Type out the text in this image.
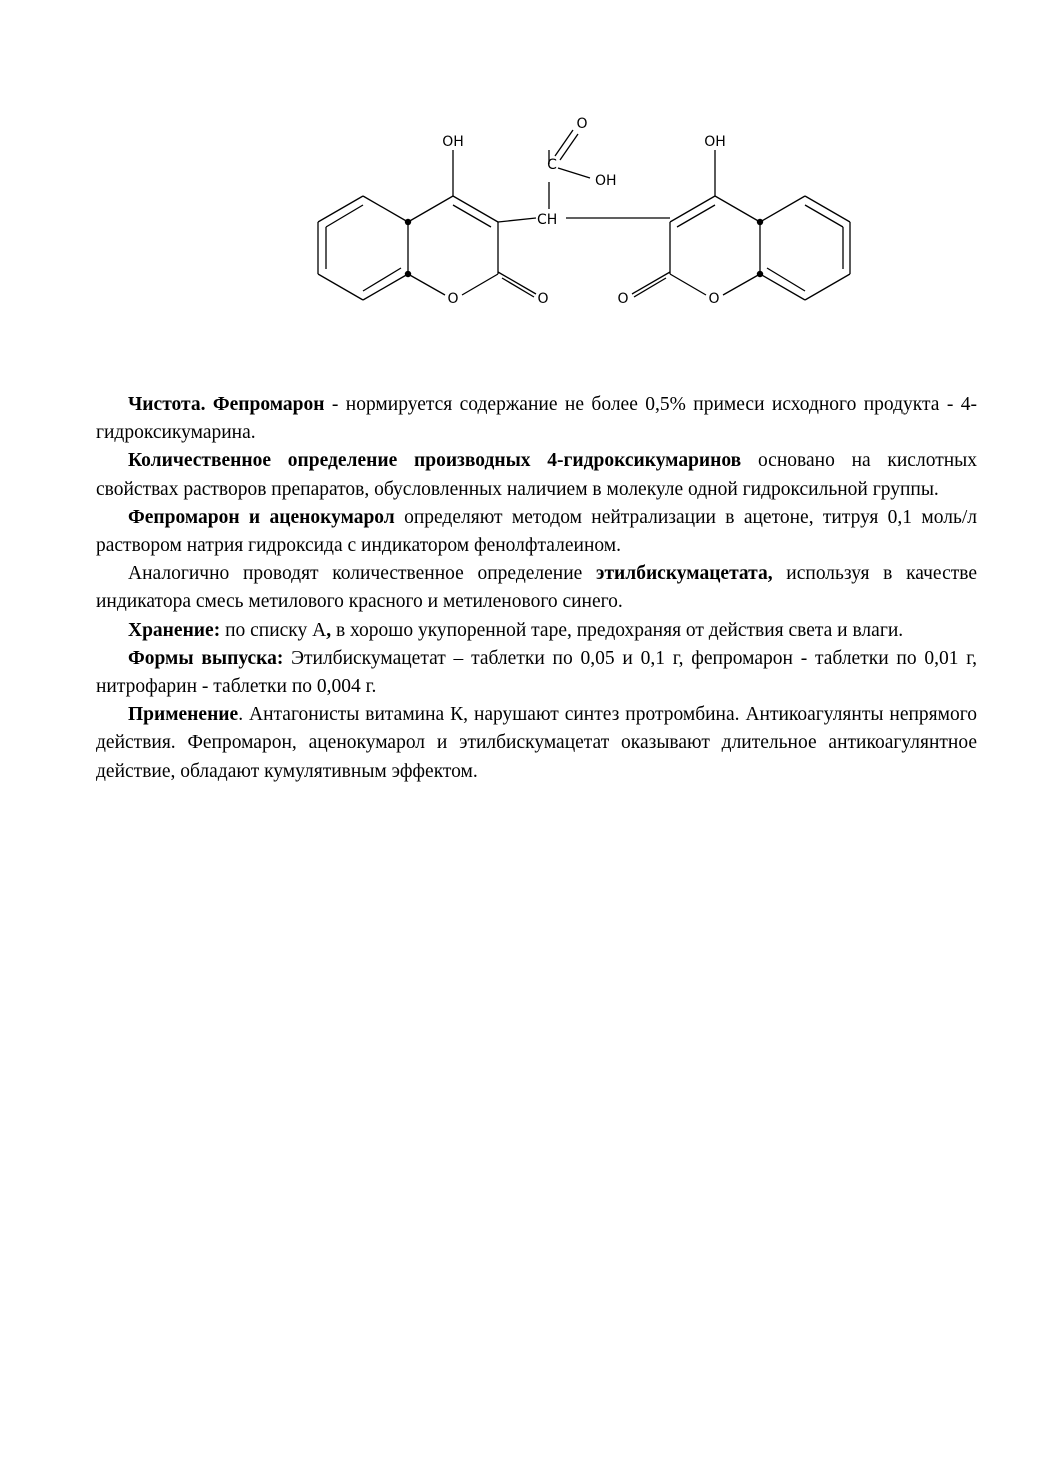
OH
O
C
OH
CH
OH
O	O	O	O

Чистота. Фепромарон - нормируется содержание не более 0,5% примеси исходного продукта - 4-гидроксикумарина.

Количественное определение производных 4-гидроксикумаринов основано на кислотных свойствах растворов препаратов, обусловленных наличием в молекуле одной гидроксильной группы.

Фепромарон и аценокумарол определяют методом нейтрализации в ацетоне, титруя 0,1 моль/л раствором натрия гидроксида с индикатором фенолфталеином.

Аналогично проводят количественное определение этилбискумацетата, используя в качестве индикатора смесь метилового красного и метиленового синего.

Хранение: по списку А, в хорошо укупоренной таре, предохраняя от действия света и влаги.

Формы выпуска: Этилбискумацетат – таблетки по 0,05 и 0,1 г, фепромарон - таблетки по 0,01 г, нитрофарин - таблетки по 0,004 г.

Применение. Антагонисты витамина К, нарушают синтез протромбина. Антикоагулянты непрямого действия. Фепромарон, аценокумарол и этилбискумацетат оказывают длительное антикоагулянтное действие, обладают кумулятивным эффектом.
